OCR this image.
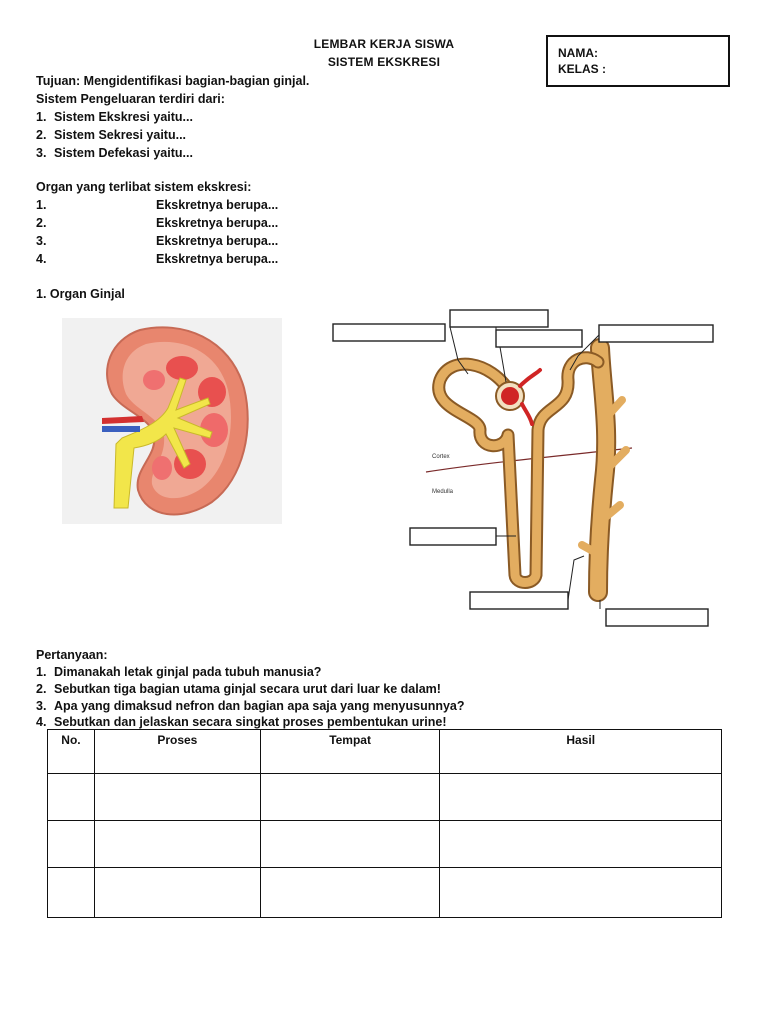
LEMBAR KERJA SISWA
SISTEM EKSKRESI
NAMA:
KELAS :
Tujuan: Mengidentifikasi bagian-bagian ginjal.
Sistem Pengeluaran terdiri dari:
1. Sistem Ekskresi yaitu...
2. Sistem Sekresi yaitu...
3. Sistem Defekasi yaitu...
Organ yang terlibat sistem ekskresi:
1.	Ekskretnya berupa...
2.	Ekskretnya berupa...
3.	Ekskretnya berupa...
4.	Ekskretnya berupa...
1. Organ Ginjal
Cortex
Medulla
Pertanyaan:
1. Dimanakah letak ginjal pada tubuh manusia?
2. Sebutkan tiga bagian utama ginjal secara urut dari luar ke dalam!
3. Apa yang dimaksud nefron dan bagian apa saja yang menyusunnya?
4. Sebutkan dan jelaskan secara singkat proses pembentukan urine!
No.	Proses	Tempat	Hasil
